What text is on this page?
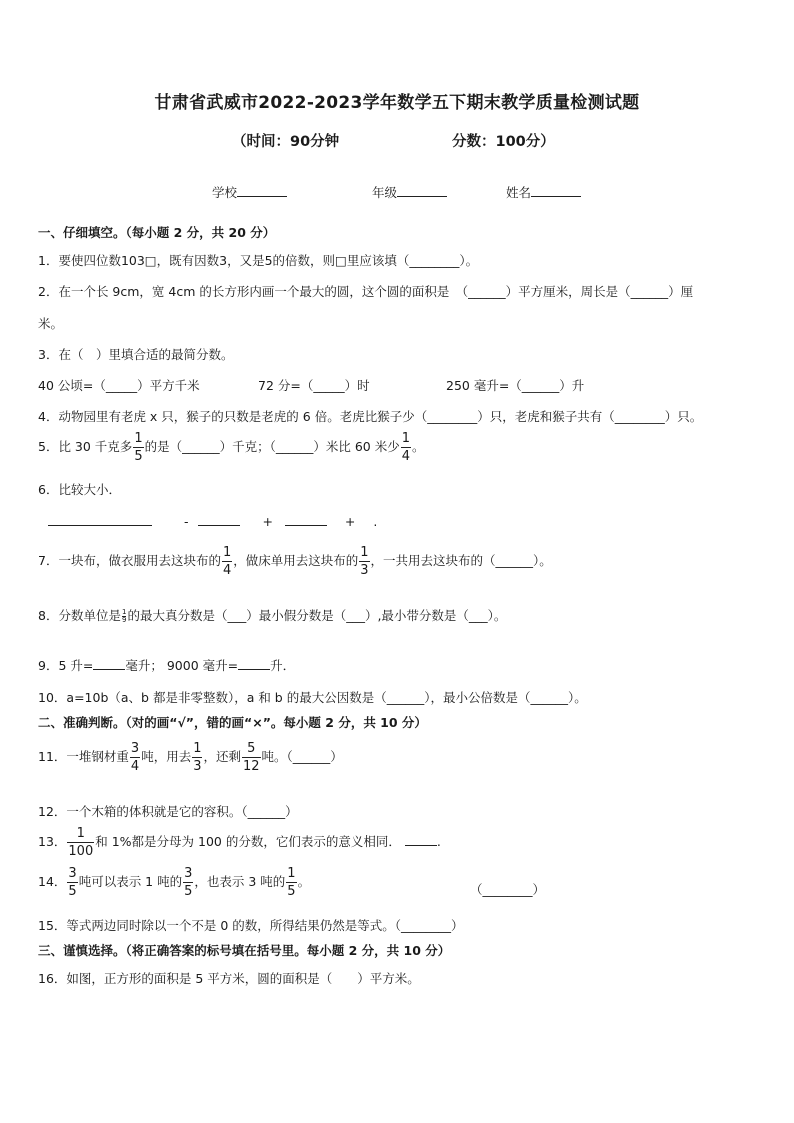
甘肃省武威市2022-2023学年数学五下期末教学质量检测试题
（时间：90分钟	分数：100分）
学校	年级	姓名
一、仔细填空。（每小题 2 分，共 20 分）
1．要使四位数103□，既有因数3，又是5的倍数，则□里应该填（________）。
2．在一个长 9cm，宽 4cm 的长方形内画一个最大的圆，这个圆的面积是　（______）平方厘米，周长是（______）厘
米。
3．在（　）里填合适的最简分数。
40 公顷=（_____）平方千米	72 分=（_____）时	250 毫升=（______）升
4．动物园里有老虎 x 只，猴子的只数是老虎的 6 倍。老虎比猴子少（________）只，老虎和猴子共有（________）只。
5．比 30 千克多 $\frac{1}{5}$ 的是（______）千克；（______）米比 60 米少 $\frac{1}{4}$ 。
6．比较大小．
-	+	+ .
7．一块布，做衣服用去这块布的 $\frac{1}{4}$ ，做床单用去这块布的 $\frac{1}{3}$ ，一共用去这块布的（______）。
8．分数单位是 $\frac{1}{9}$ 的最大真分数是（___）最小假分数是（___）,最小带分数是（___）。
9．5 升=	毫升； 9000 毫升=	升．
10．a=10b（a、b 都是非零整数），a 和 b 的最大公因数是（______），最小公倍数是（______）。
二、准确判断。（对的画“√”，错的画“×”。每小题 2 分，共 10 分）
11．一堆钢材重 $\frac{3}{4}$ 吨，用去 $\frac{1}{3}$ ，还剩 $\frac{5}{12}$ 吨。（______）
12．一个木箱的体积就是它的容积。（______）
13． $\frac{1}{100}$ 和 1%都是分母为 100 的分数，它们表示的意义相同．	.
14． $\frac{3}{5}$ 吨可以表示 1 吨的 $\frac{3}{5}$ ，也表示 3 吨的 $\frac{1}{5}$ 。
（________）
15．等式两边同时除以一个不是 0 的数，所得结果仍然是等式。（________）
三、谨慎选择。（将正确答案的标号填在括号里。每小题 2 分，共 10 分）
16．如图，正方形的面积是 5 平方米，圆的面积是（　　）平方米。
